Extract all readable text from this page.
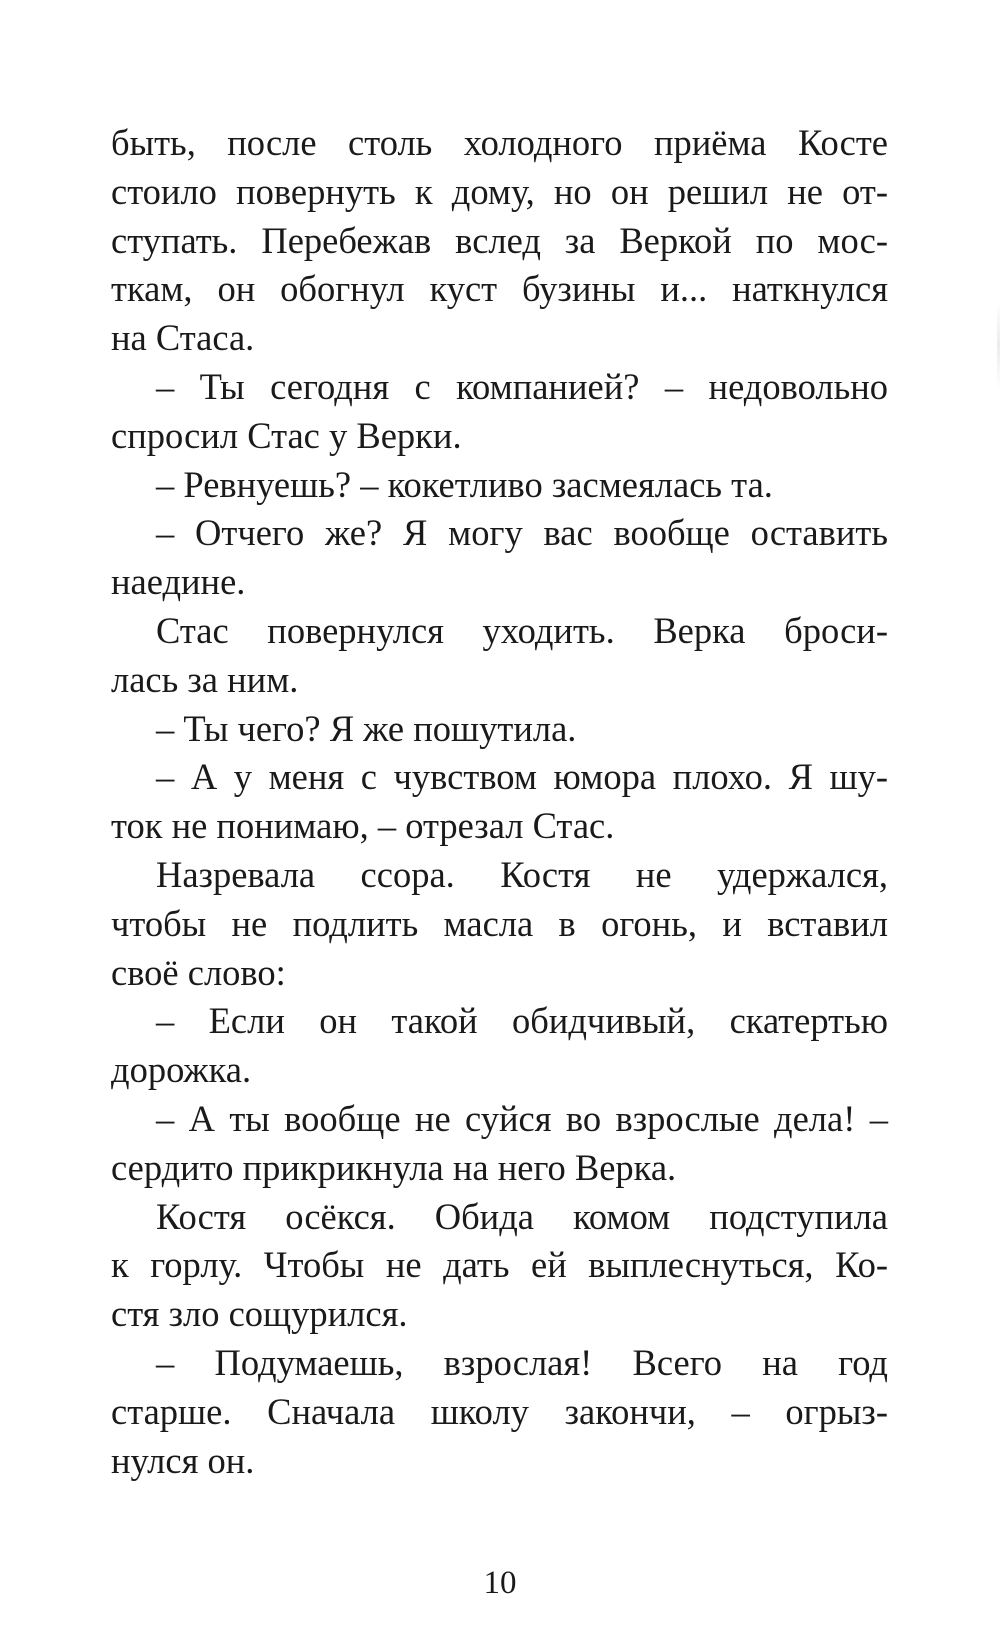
быть, после столь холодного приёма Косте
стоило повернуть к дому, но он решил не от-
ступать. Перебежав вслед за Веркой по мос-
ткам, он обогнул куст бузины и... наткнулся
на Стаса.
– Ты сегодня с компанией? – недовольно
спросил Стас у Верки.
– Ревнуешь? – кокетливо засмеялась та.
– Отчего же? Я могу вас вообще оставить
наедине.
Стас повернулся уходить. Верка броси-
лась за ним.
– Ты чего? Я же пошутила.
– А у меня с чувством юмора плохо. Я шу-
ток не понимаю, – отрезал Стас.
Назревала ссора. Костя не удержался,
чтобы не подлить масла в огонь, и вставил
своё слово:
– Если он такой обидчивый, скатертью
дорожка.
– А ты вообще не суйся во взрослые дела! –
сердито прикрикнула на него Верка.
Костя осёкся. Обида комом подступила
к горлу. Чтобы не дать ей выплеснуться, Ко-
стя зло сощурился.
– Подумаешь, взрослая! Всего на год
старше. Сначала школу закончи, – огрыз-
нулся он.
10
